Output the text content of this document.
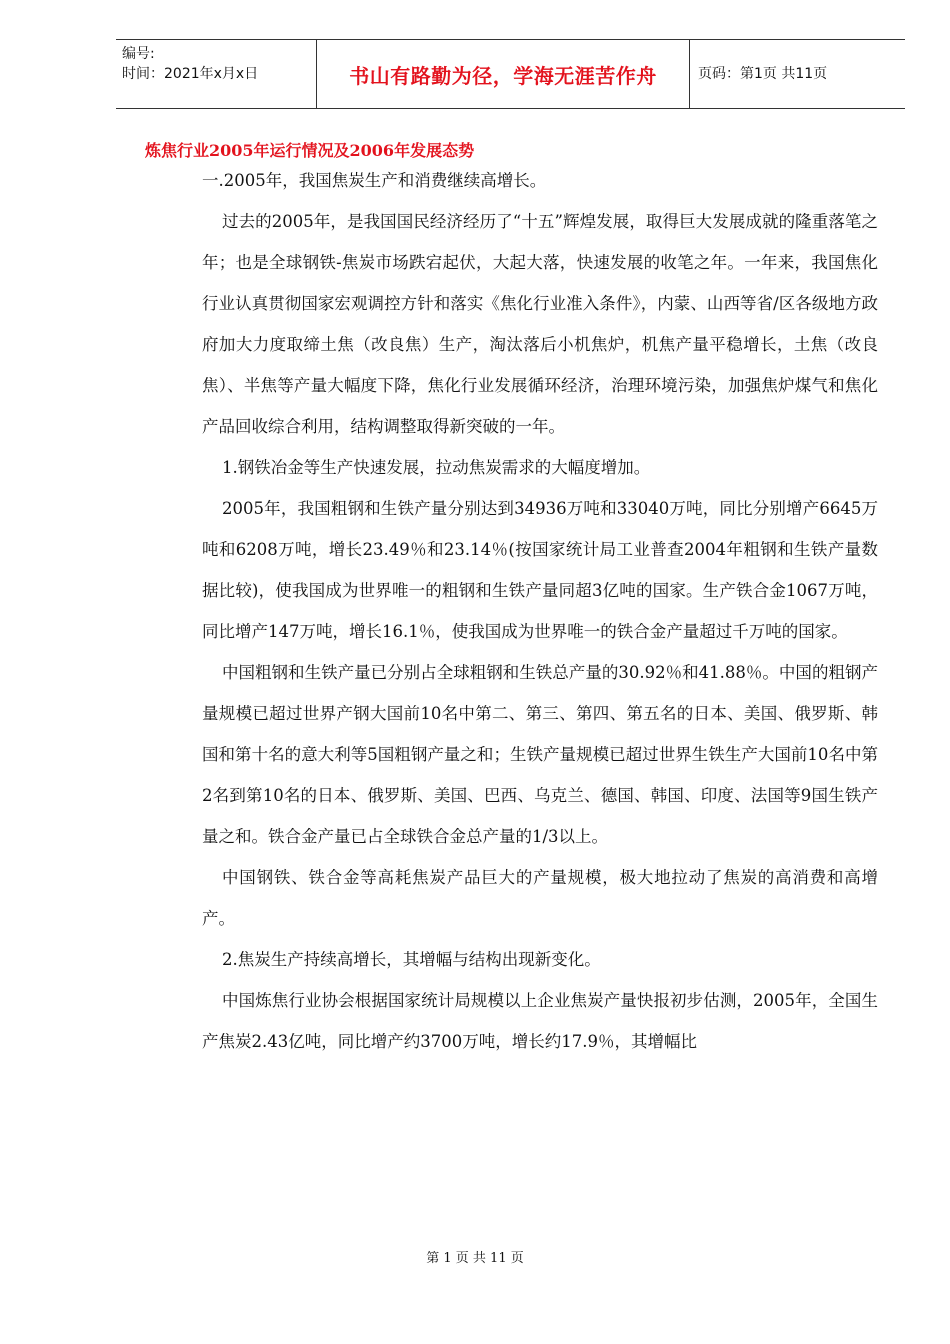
编号:
时间：2021年x月x日	书山有路勤为径，学海无涯苦作舟	页码：第1页 共11页
炼焦行业2005年运行情况及2006年发展态势

一.2005年，我国焦炭生产和消费继续高增长。

过去的2005年，是我国国民经济经历了“十五”辉煌发展，取得巨大发展成就的隆重落笔之年；也是全球钢铁-焦炭市场跌宕起伏，大起大落，快速发展的收笔之年。一年来，我国焦化行业认真贯彻国家宏观调控方针和落实《焦化行业准入条件》，内蒙、山西等省/区各级地方政府加大力度取缔土焦（改良焦）生产，淘汰落后小机焦炉，机焦产量平稳增长，土焦（改良焦）、半焦等产量大幅度下降，焦化行业发展循环经济，治理环境污染，加强焦炉煤气和焦化产品回收综合利用，结构调整取得新突破的一年。

1.钢铁冶金等生产快速发展，拉动焦炭需求的大幅度增加。

2005年，我国粗钢和生铁产量分别达到34936万吨和33040万吨，同比分别增产6645万吨和6208万吨，增长23.49％和23.14％(按国家统计局工业普查2004年粗钢和生铁产量数据比较)，使我国成为世界唯一的粗钢和生铁产量同超3亿吨的国家。生产铁合金1067万吨，同比增产147万吨，增长16.1％，使我国成为世界唯一的铁合金产量超过千万吨的国家。

中国粗钢和生铁产量已分别占全球粗钢和生铁总产量的30.92％和41.88％。中国的粗钢产量规模已超过世界产钢大国前10名中第二、第三、第四、第五名的日本、美国、俄罗斯、韩国和第十名的意大利等5国粗钢产量之和；生铁产量规模已超过世界生铁生产大国前10名中第2名到第10名的日本、俄罗斯、美国、巴西、乌克兰、德国、韩国、印度、法国等9国生铁产量之和。铁合金产量已占全球铁合金总产量的1/3以上。

中国钢铁、铁合金等高耗焦炭产品巨大的产量规模，极大地拉动了焦炭的高消费和高增产。

2.焦炭生产持续高增长，其增幅与结构出现新变化。

中国炼焦行业协会根据国家统计局规模以上企业焦炭产量快报初步估测，2005年，全国生产焦炭2.43亿吨，同比增产约3700万吨，增长约17.9％，其增幅比

第 1 页 共 11 页
